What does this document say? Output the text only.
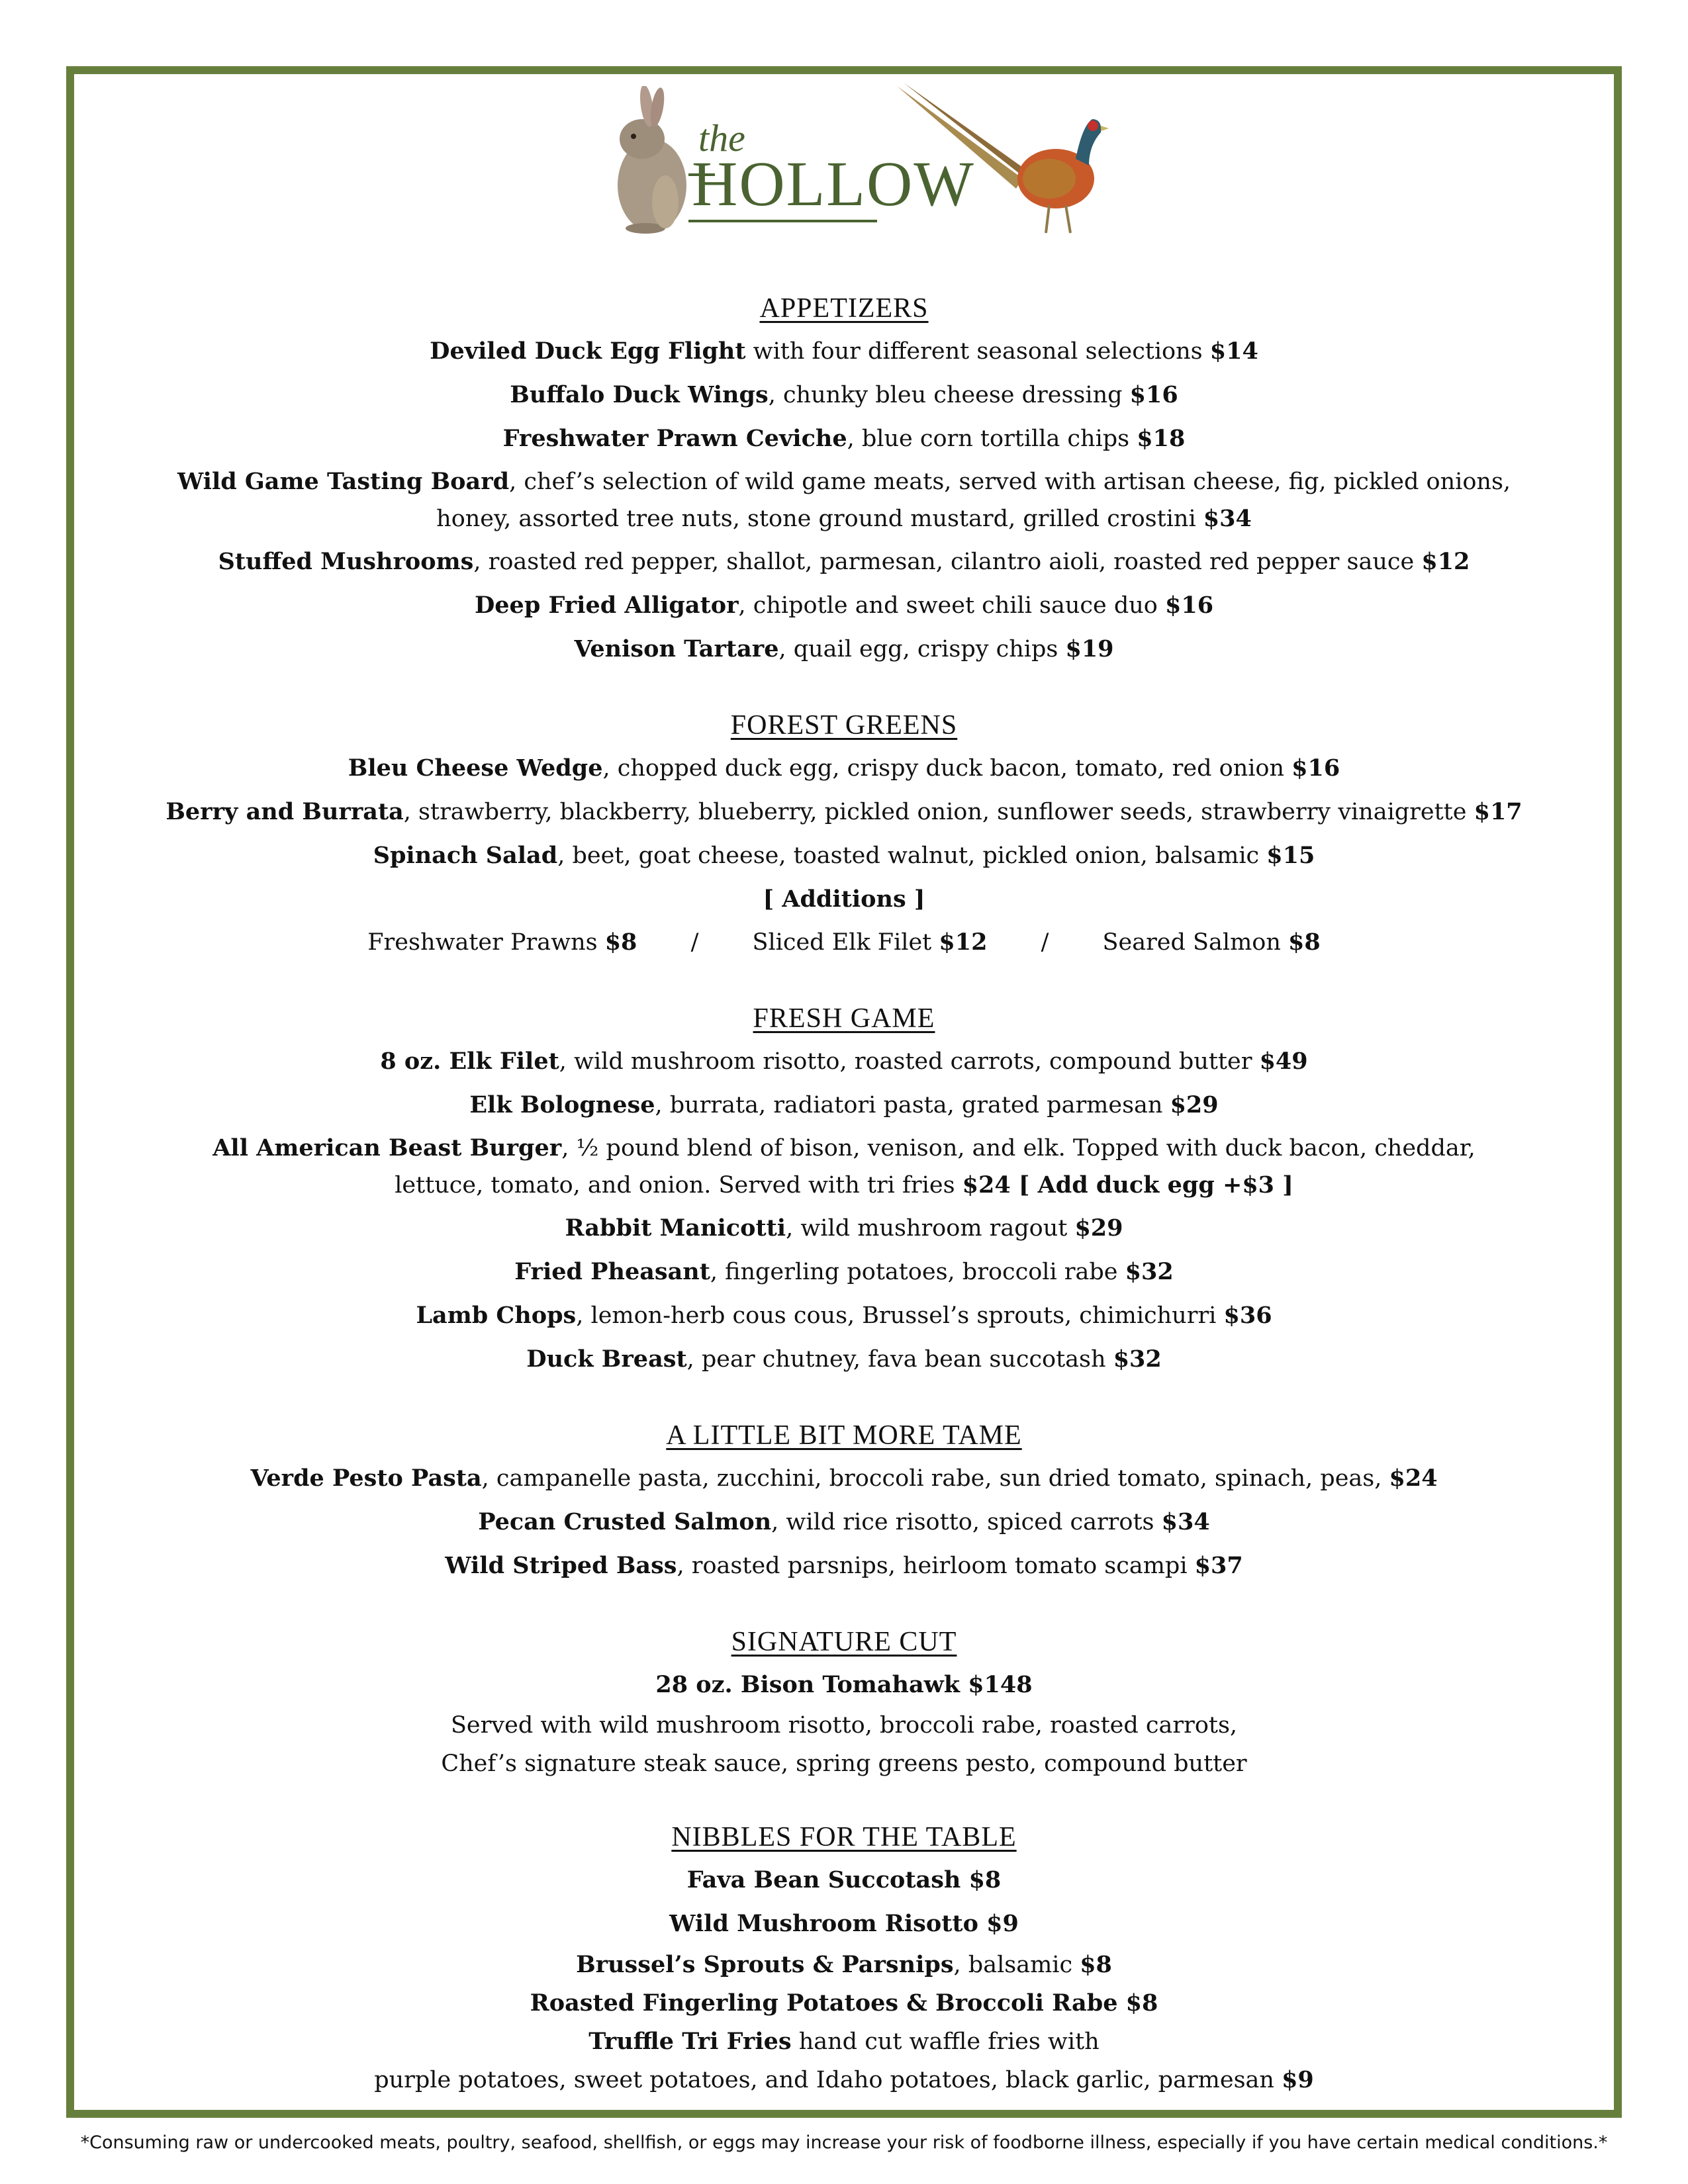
the
HOLLOW
APPETIZERS
Deviled Duck Egg Flight with four different seasonal selections $14
Buffalo Duck Wings, chunky bleu cheese dressing $16
Freshwater Prawn Ceviche, blue corn tortilla chips $18
Wild Game Tasting Board, chef’s selection of wild game meats, served with artisan cheese, fig, pickled onions, honey, assorted tree nuts, stone ground mustard, grilled crostini $34
Stuffed Mushrooms, roasted red pepper, shallot, parmesan, cilantro aioli, roasted red pepper sauce $12
Deep Fried Alligator, chipotle and sweet chili sauce duo $16
Venison Tartare, quail egg, crispy chips $19
FOREST GREENS
Bleu Cheese Wedge, chopped duck egg, crispy duck bacon, tomato, red onion $16
Berry and Burrata, strawberry, blackberry, blueberry, pickled onion, sunflower seeds, strawberry vinaigrette $17
Spinach Salad, beet, goat cheese, toasted walnut, pickled onion, balsamic $15
[ Additions ]
Freshwater Prawns $8 / Sliced Elk Filet $12 / Seared Salmon $8
FRESH GAME
8 oz. Elk Filet, wild mushroom risotto, roasted carrots, compound butter $49
Elk Bolognese, burrata, radiatori pasta, grated parmesan $29
All American Beast Burger, ½ pound blend of bison, venison, and elk. Topped with duck bacon, cheddar, lettuce, tomato, and onion. Served with tri fries $24 [ Add duck egg +$3 ]
Rabbit Manicotti, wild mushroom ragout $29
Fried Pheasant, fingerling potatoes, broccoli rabe $32
Lamb Chops, lemon-herb cous cous, Brussel’s sprouts, chimichurri $36
Duck Breast, pear chutney, fava bean succotash $32
A LITTLE BIT MORE TAME
Verde Pesto Pasta, campanelle pasta, zucchini, broccoli rabe, sun dried tomato, spinach, peas, $24
Pecan Crusted Salmon, wild rice risotto, spiced carrots $34
Wild Striped Bass, roasted parsnips, heirloom tomato scampi $37
SIGNATURE CUT
28 oz. Bison Tomahawk $148
Served with wild mushroom risotto, broccoli rabe, roasted carrots,
Chef’s signature steak sauce, spring greens pesto, compound butter
NIBBLES FOR THE TABLE
Fava Bean Succotash $8
Wild Mushroom Risotto $9
Brussel’s Sprouts & Parsnips, balsamic $8
Roasted Fingerling Potatoes & Broccoli Rabe $8
Truffle Tri Fries hand cut waffle fries with
purple potatoes, sweet potatoes, and Idaho potatoes, black garlic, parmesan $9
*Consuming raw or undercooked meats, poultry, seafood, shellfish, or eggs may increase your risk of foodborne illness, especially if you have certain medical conditions.*
